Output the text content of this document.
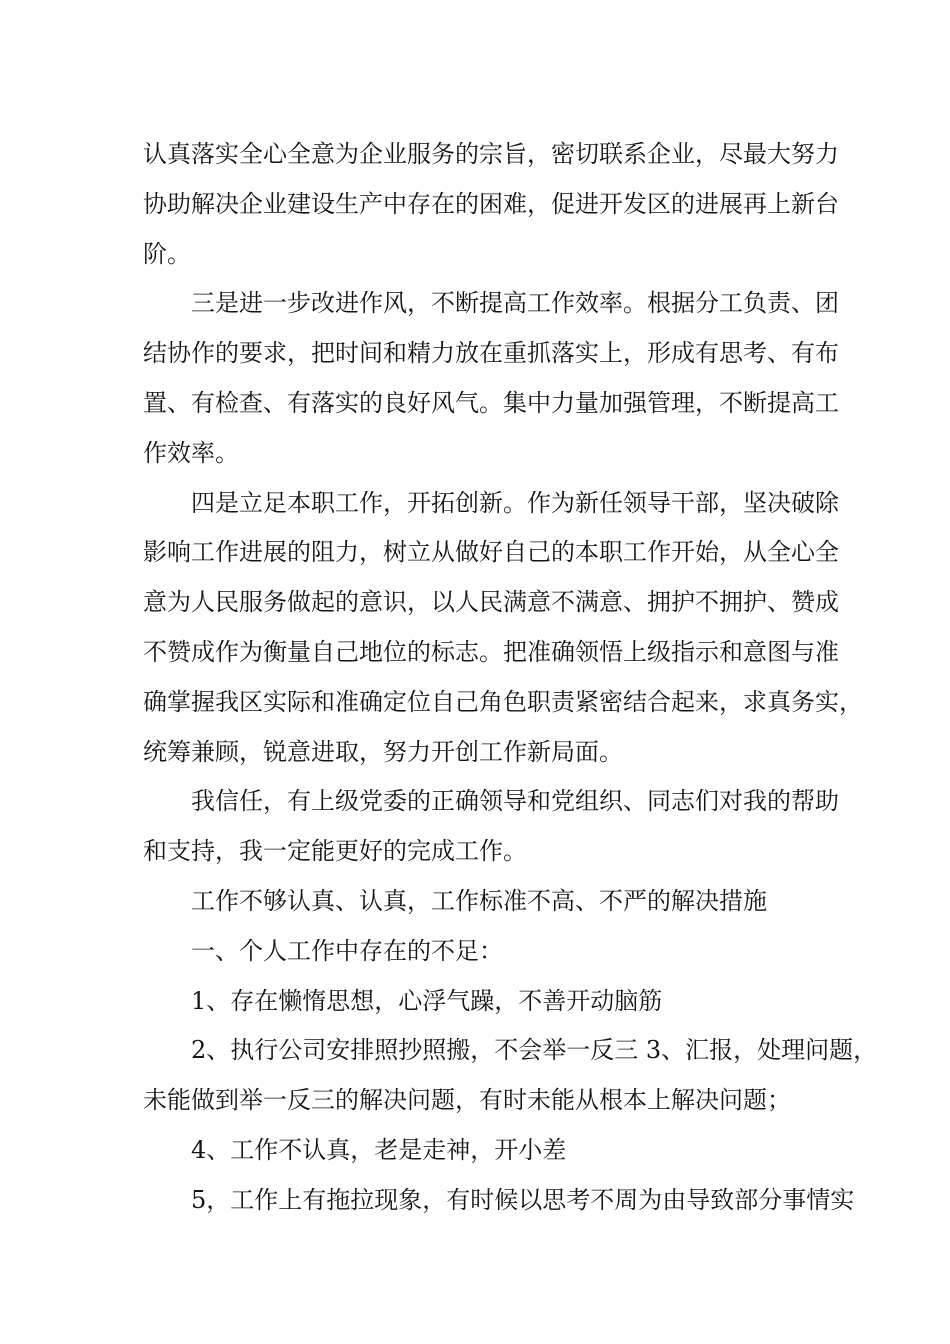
认真落实全心全意为企业服务的宗旨，密切联系企业，尽最大努力
协助解决企业建设生产中存在的困难，促进开发区的进展再上新台
阶。
三是进一步改进作风，不断提高工作效率。根据分工负责、团
结协作的要求，把时间和精力放在重抓落实上，形成有思考、有布
置、有检查、有落实的良好风气。集中力量加强管理，不断提高工
作效率。
四是立足本职工作，开拓创新。作为新任领导干部，坚决破除
影响工作进展的阻力，树立从做好自己的本职工作开始，从全心全
意为人民服务做起的意识，以人民满意不满意、拥护不拥护、赞成
不赞成作为衡量自己地位的标志。把准确领悟上级指示和意图与准
确掌握我区实际和准确定位自己角色职责紧密结合起来，求真务实，
统筹兼顾，锐意进取，努力开创工作新局面。
我信任，有上级党委的正确领导和党组织、同志们对我的帮助
和支持，我一定能更好的完成工作。
工作不够认真、认真，工作标准不高、不严的解决措施
一、个人工作中存在的不足：
1、存在懒惰思想，心浮气躁，不善开动脑筋
2、执行公司安排照抄照搬，不会举一反三 3、汇报，处理问题，
未能做到举一反三的解决问题，有时未能从根本上解决问题；
4、工作不认真，老是走神，开小差
5，工作上有拖拉现象，有时候以思考不周为由导致部分事情实
